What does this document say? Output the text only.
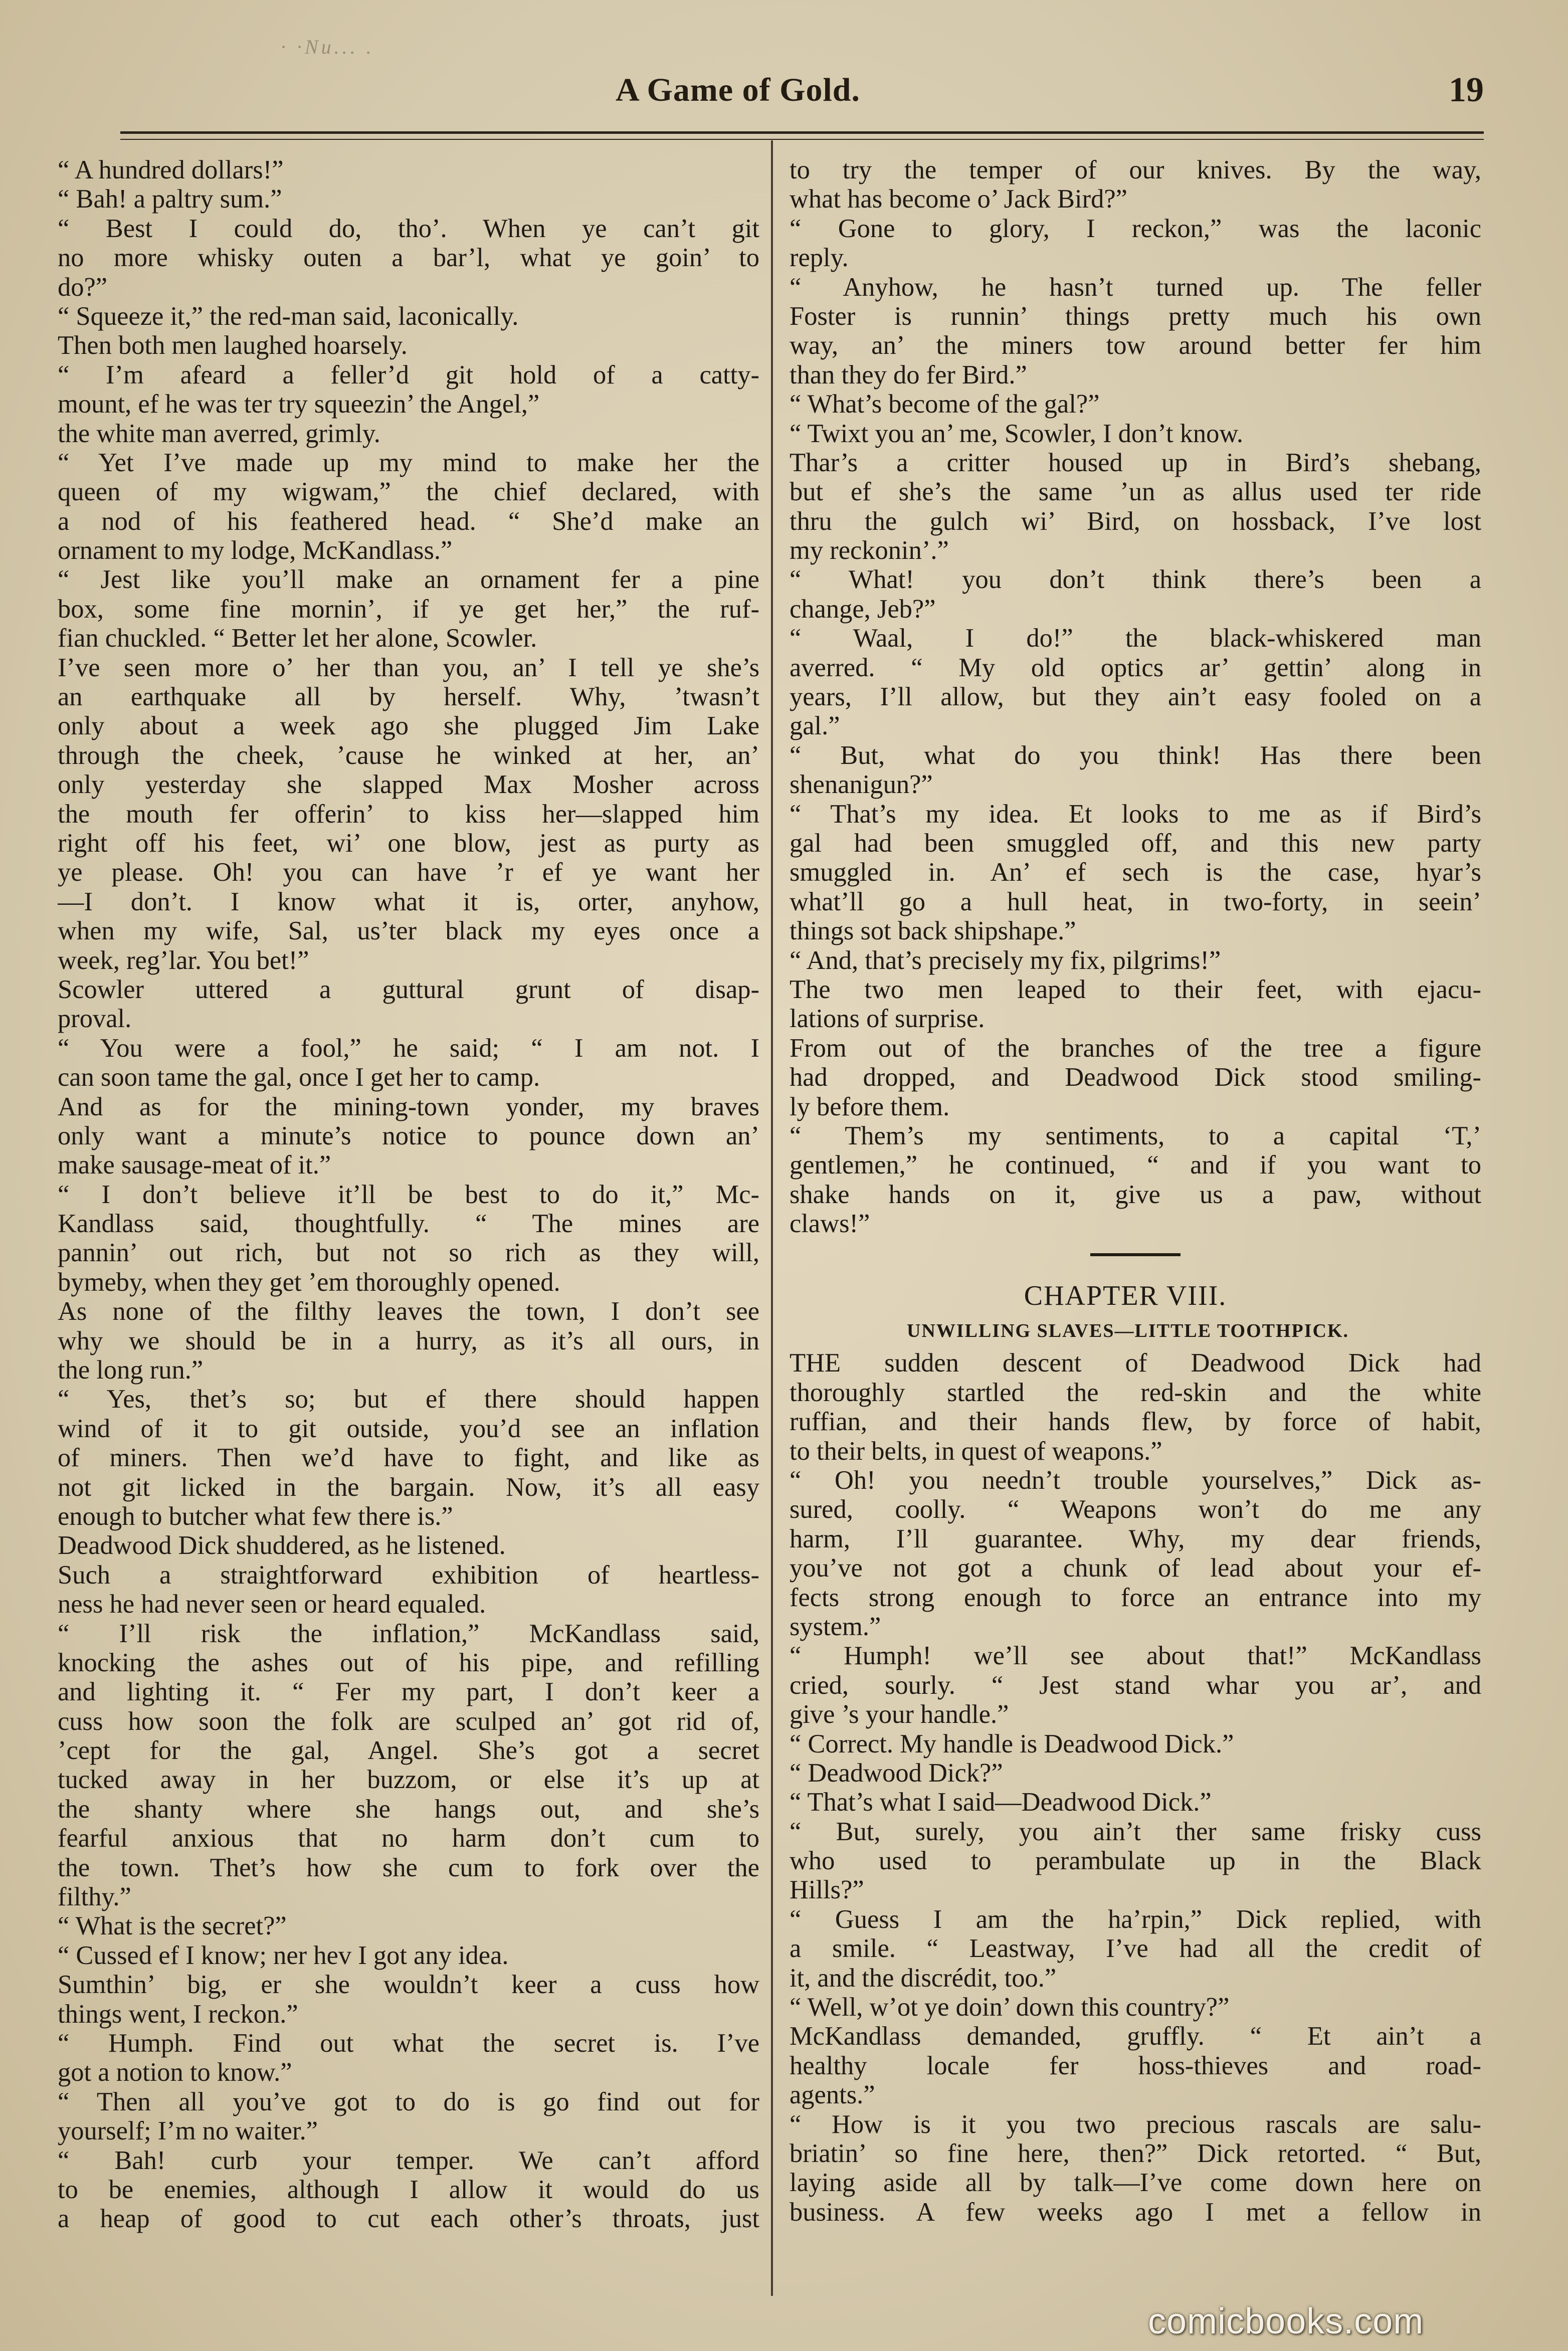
· ·Nu... .
A Game of Gold.	19
“ A hundred dollars!”
“ Bah! a paltry sum.”
“ Best I could do, tho’. When ye can’t git
no more whisky outen a bar’l, what ye goin’ to
do?”
“ Squeeze it,” the red-man said, laconically.
Then both men laughed hoarsely.
“ I’m afeard a feller’d git hold of a catty-
mount, ef he was ter try squeezin’ the Angel,”
the white man averred, grimly.
“ Yet I’ve made up my mind to make her the
queen of my wigwam,” the chief declared, with
a nod of his feathered head. “ She’d make an
ornament to my lodge, McKandlass.”
“ Jest like you’ll make an ornament fer a pine
box, some fine mornin’, if ye get her,” the ruf-
fian chuckled. “ Better let her alone, Scowler.
I’ve seen more o’ her than you, an’ I tell ye she’s
an earthquake all by herself. Why, ’twasn’t
only about a week ago she plugged Jim Lake
through the cheek, ’cause he winked at her, an’
only yesterday she slapped Max Mosher across
the mouth fer offerin’ to kiss her—slapped him
right off his feet, wi’ one blow, jest as purty as
ye please. Oh! you can have ’r ef ye want her
—I don’t. I know what it is, orter, anyhow,
when my wife, Sal, us’ter black my eyes once a
week, reg’lar. You bet!”
Scowler uttered a guttural grunt of disap-
proval.
“ You were a fool,” he said; “ I am not. I
can soon tame the gal, once I get her to camp.
And as for the mining-town yonder, my braves
only want a minute’s notice to pounce down an’
make sausage-meat of it.”
“ I don’t believe it’ll be best to do it,” Mc-
Kandlass said, thoughtfully. “ The mines are
pannin’ out rich, but not so rich as they will,
bymeby, when they get ’em thoroughly opened.
As none of the filthy leaves the town, I don’t see
why we should be in a hurry, as it’s all ours, in
the long run.”
“ Yes, thet’s so; but ef there should happen
wind of it to git outside, you’d see an inflation
of miners. Then we’d have to fight, and like as
not git licked in the bargain. Now, it’s all easy
enough to butcher what few there is.”
Deadwood Dick shuddered, as he listened.
Such a straightforward exhibition of heartless-
ness he had never seen or heard equaled.
“ I’ll risk the inflation,” McKandlass said,
knocking the ashes out of his pipe, and refilling
and lighting it. “ Fer my part, I don’t keer a
cuss how soon the folk are sculped an’ got rid of,
’cept for the gal, Angel. She’s got a secret
tucked away in her buzzom, or else it’s up at
the shanty where she hangs out, and she’s
fearful anxious that no harm don’t cum to
the town. Thet’s how she cum to fork over the
filthy.”
“ What is the secret?”
“ Cussed ef I know; ner hev I got any idea.
Sumthin’ big, er she wouldn’t keer a cuss how
things went, I reckon.”
“ Humph. Find out what the secret is. I’ve
got a notion to know.”
“ Then all you’ve got to do is go find out for
yourself; I’m no waiter.”
“ Bah! curb your temper. We can’t afford
to be enemies, although I allow it would do us
a heap of good to cut each other’s throats, just
to try the temper of our knives. By the way,
what has become o’ Jack Bird?”
“ Gone to glory, I reckon,” was the laconic
reply.
“ Anyhow, he hasn’t turned up. The feller
Foster is runnin’ things pretty much his own
way, an’ the miners tow around better fer him
than they do fer Bird.”
“ What’s become of the gal?”
“ Twixt you an’ me, Scowler, I don’t know.
Thar’s a critter housed up in Bird’s shebang,
but ef she’s the same ’un as allus used ter ride
thru the gulch wi’ Bird, on hossback, I’ve lost
my reckonin’.”
“ What! you don’t think there’s been a
change, Jeb?”
“ Waal, I do!” the black-whiskered man
averred. “ My old optics ar’ gettin’ along in
years, I’ll allow, but they ain’t easy fooled on a
gal.”
“ But, what do you think! Has there been
shenanigun?”
“ That’s my idea. Et looks to me as if Bird’s
gal had been smuggled off, and this new party
smuggled in. An’ ef sech is the case, hyar’s
what’ll go a hull heat, in two-forty, in seein’
things sot back shipshape.”
“ And, that’s precisely my fix, pilgrims!”
The two men leaped to their feet, with ejacu-
lations of surprise.
From out of the branches of the tree a figure
had dropped, and Deadwood Dick stood smiling-
ly before them.
“ Them’s my sentiments, to a capital ‘T,’
gentlemen,” he continued, “ and if you want to
shake hands on it, give us a paw, without
claws!”
CHAPTER VIII.
UNWILLING SLAVES—LITTLE TOOTHPICK.
THE sudden descent of Deadwood Dick had
thoroughly startled the red-skin and the white
ruffian, and their hands flew, by force of habit,
to their belts, in quest of weapons.”
“ Oh! you needn’t trouble yourselves,” Dick as-
sured, coolly. “ Weapons won’t do me any
harm, I’ll guarantee. Why, my dear friends,
you’ve not got a chunk of lead about your ef-
fects strong enough to force an entrance into my
system.”
“ Humph! we’ll see about that!” McKandlass
cried, sourly. “ Jest stand whar you ar’, and
give ’s your handle.”
“ Correct. My handle is Deadwood Dick.”
“ Deadwood Dick?”
“ That’s what I said—Deadwood Dick.”
“ But, surely, you ain’t ther same frisky cuss
who used to perambulate up in the Black
Hills?”
“ Guess I am the ha’rpin,” Dick replied, with
a smile. “ Leastway, I’ve had all the credit of
it, and the discrédit, too.”
“ Well, w’ot ye doin’ down this country?”
McKandlass demanded, gruffly. “ Et ain’t a
healthy locale fer hoss-thieves and road-
agents.”
“ How is it you two precious rascals are salu-
briatin’ so fine here, then?” Dick retorted. “ But,
laying aside all by talk—I’ve come down here on
business. A few weeks ago I met a fellow in
comicbooks.com
